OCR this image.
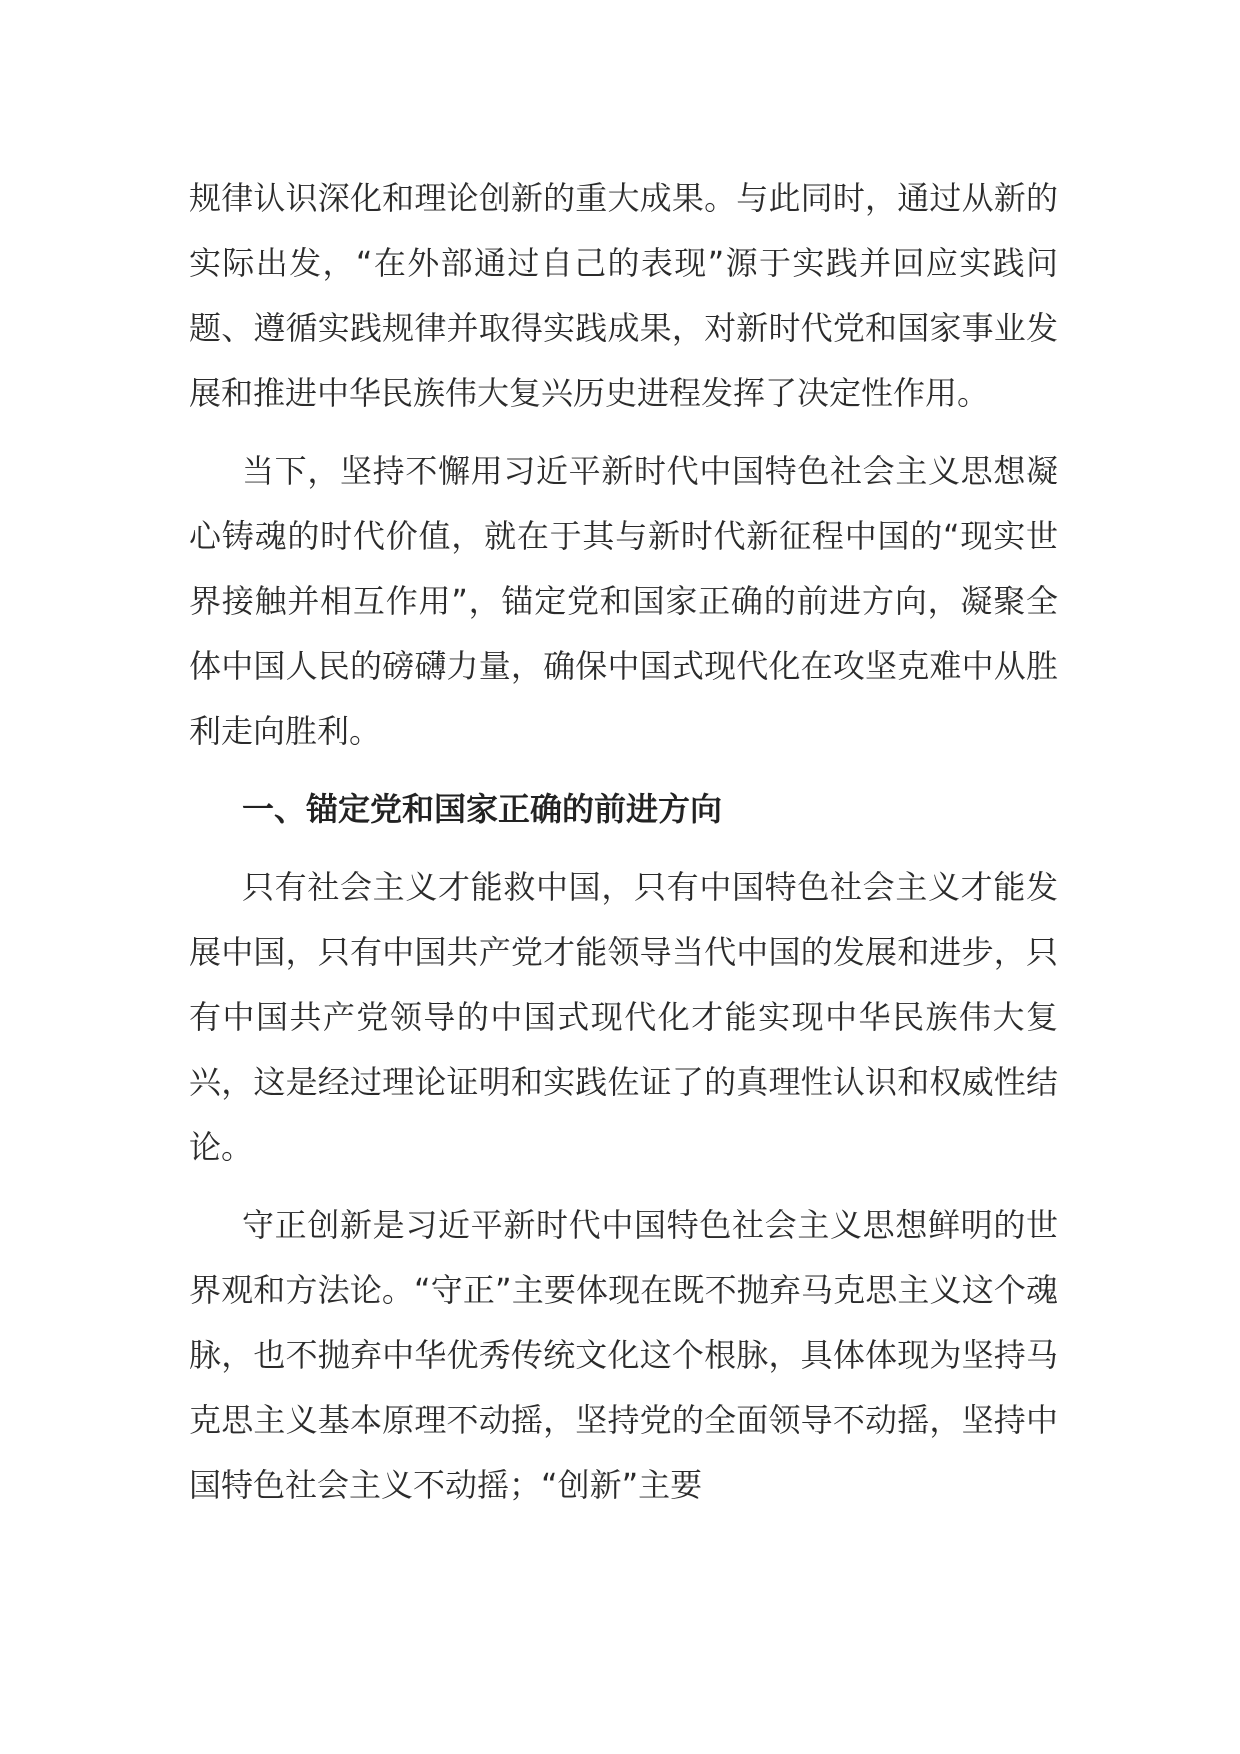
规律认识深化和理论创新的重大成果。与此同时，通过从新的实际出发，“在外部通过自己的表现”源于实践并回应实践问题、遵循实践规律并取得实践成果，对新时代党和国家事业发展和推进中华民族伟大复兴历史进程发挥了决定性作用。

当下，坚持不懈用习近平新时代中国特色社会主义思想凝心铸魂的时代价值，就在于其与新时代新征程中国的“现实世界接触并相互作用”，锚定党和国家正确的前进方向，凝聚全体中国人民的磅礴力量，确保中国式现代化在攻坚克难中从胜利走向胜利。

一、锚定党和国家正确的前进方向

只有社会主义才能救中国，只有中国特色社会主义才能发展中国，只有中国共产党才能领导当代中国的发展和进步，只有中国共产党领导的中国式现代化才能实现中华民族伟大复兴，这是经过理论证明和实践佐证了的真理性认识和权威性结论。

守正创新是习近平新时代中国特色社会主义思想鲜明的世界观和方法论。“守正”主要体现在既不抛弃马克思主义这个魂脉，也不抛弃中华优秀传统文化这个根脉，具体体现为坚持马克思主义基本原理不动摇，坚持党的全面领导不动摇，坚持中国特色社会主义不动摇；“创新”主要
